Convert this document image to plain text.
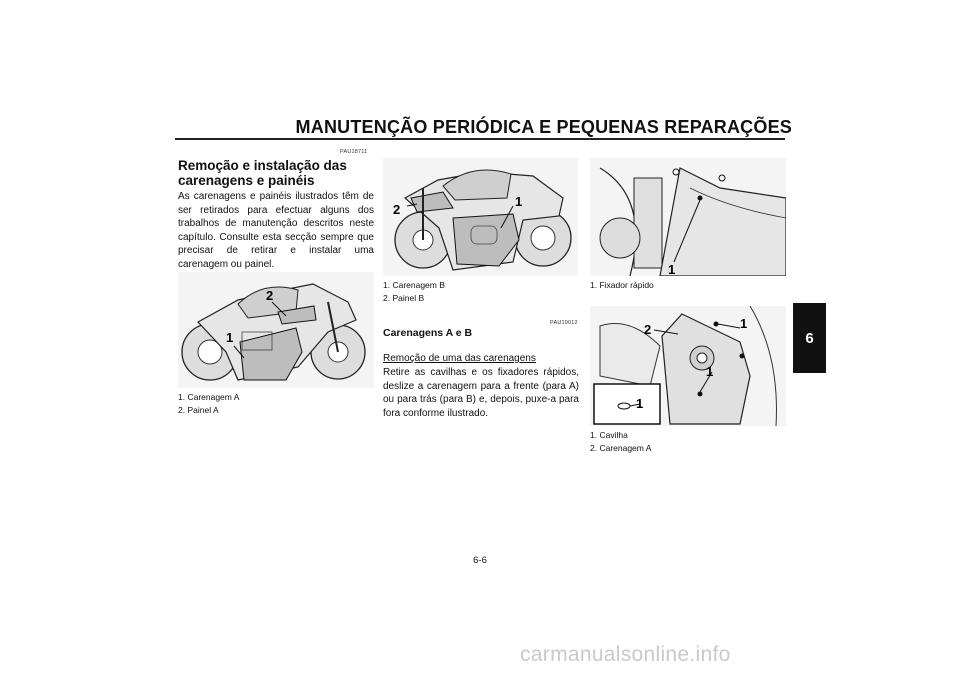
MANUTENÇÃO PERIÓDICA E PEQUENAS REPARAÇÕES
6
PAU18711
Remoção e instalação das carenagens e painéis
As carenagens e painéis ilustrados têm de ser retirados para efectuar alguns dos trabalhos de manutenção descritos neste capítulo. Consulte esta secção sempre que precisar de retirar e instalar uma carenagem ou painel.
1
2
1. Carenagem A
2. Painel A
1
2
1. Carenagem B
2. Painel B
PAU19012
Carenagens A e B
Remoção de uma das carenagens
Retire as cavilhas e os fixadores rápidos, deslize a carenagem para a frente (para A) ou para trás (para B) e, depois, puxe-a para fora conforme ilustrado.
1
1. Fixador rápido
1
1
1
2
1. Cavilha
2. Carenagem A
6-6
carmanualsonline.info
